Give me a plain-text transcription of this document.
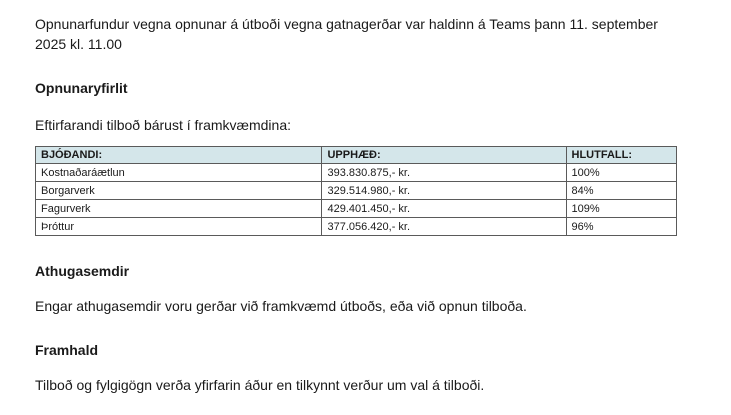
Opnunarfundur vegna opnunar á útboði vegna gatnagerðar var haldinn á Teams þann 11. september 2025 kl. 11.00

Opnunaryfirlit

Eftirfarandi tilboð bárust í framkvæmdina:

BJÓÐANDI:	UPPHÆÐ:	HLUTFALL:
Kostnaðaráætlun	393.830.875,- kr.	100%
Borgarverk	329.514.980,- kr.	84%
Fagurverk	429.401.450,- kr.	109%
Þróttur	377.056.420,- kr.	96%
Athugasemdir

Engar athugasemdir voru gerðar við framkvæmd útboðs, eða við opnun tilboða.

Framhald

Tilboð og fylgigögn verða yfirfarin áður en tilkynnt verður um val á tilboði.
